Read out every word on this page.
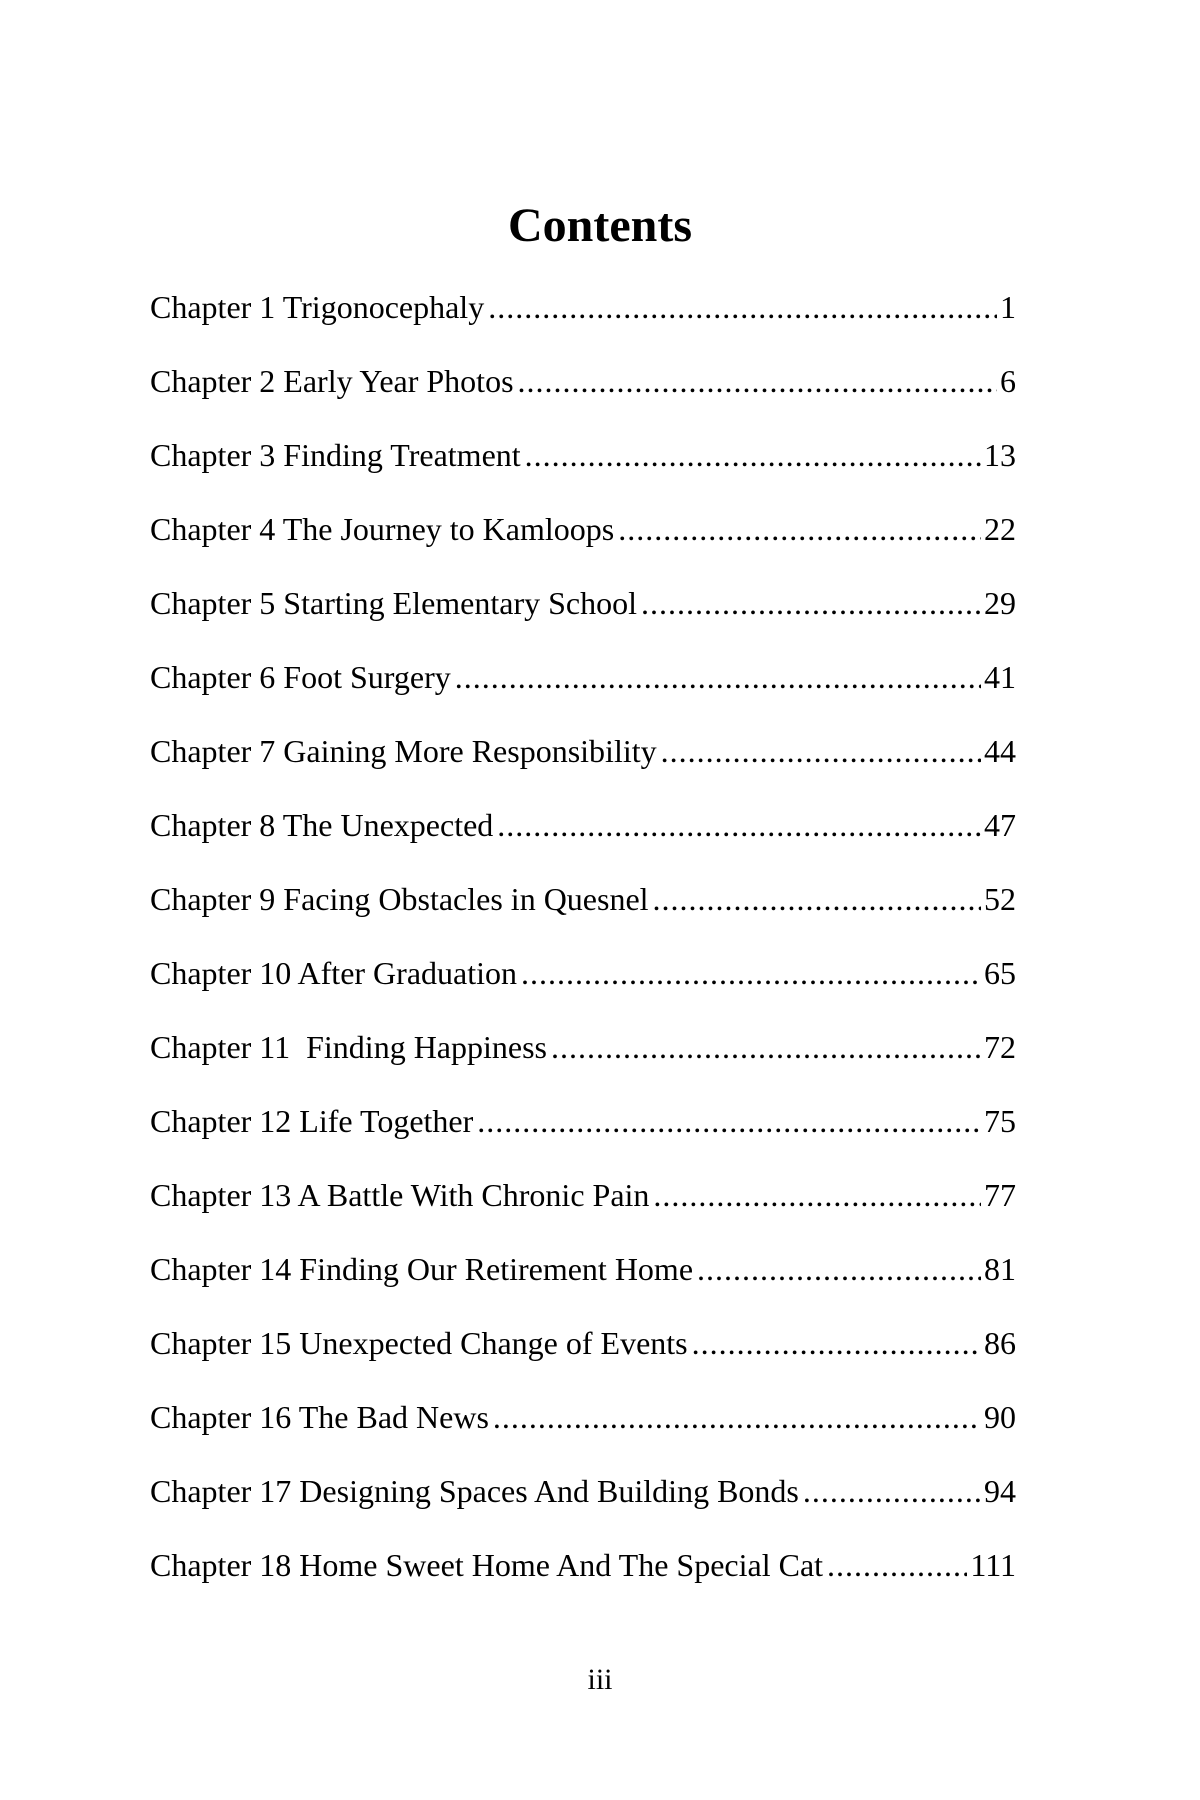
Contents
Chapter 1 Trigonocephaly .....	1
Chapter 2 Early Year Photos .....	6
Chapter 3 Finding Treatment .....	13
Chapter 4 The Journey to Kamloops .....	22
Chapter 5 Starting Elementary School .....	29
Chapter 6 Foot Surgery .....	41
Chapter 7 Gaining More Responsibility .....	44
Chapter 8 The Unexpected .....	47
Chapter 9 Facing Obstacles in Quesnel .....	52
Chapter 10 After Graduation .....	65
Chapter 11  Finding Happiness .....	72
Chapter 12 Life Together .....	75
Chapter 13 A Battle With Chronic Pain .....	77
Chapter 14 Finding Our Retirement Home .....	81
Chapter 15 Unexpected Change of Events .....	86
Chapter 16 The Bad News .....	90
Chapter 17 Designing Spaces And Building Bonds .....	94
Chapter 18 Home Sweet Home And The Special Cat .....	111
iii
